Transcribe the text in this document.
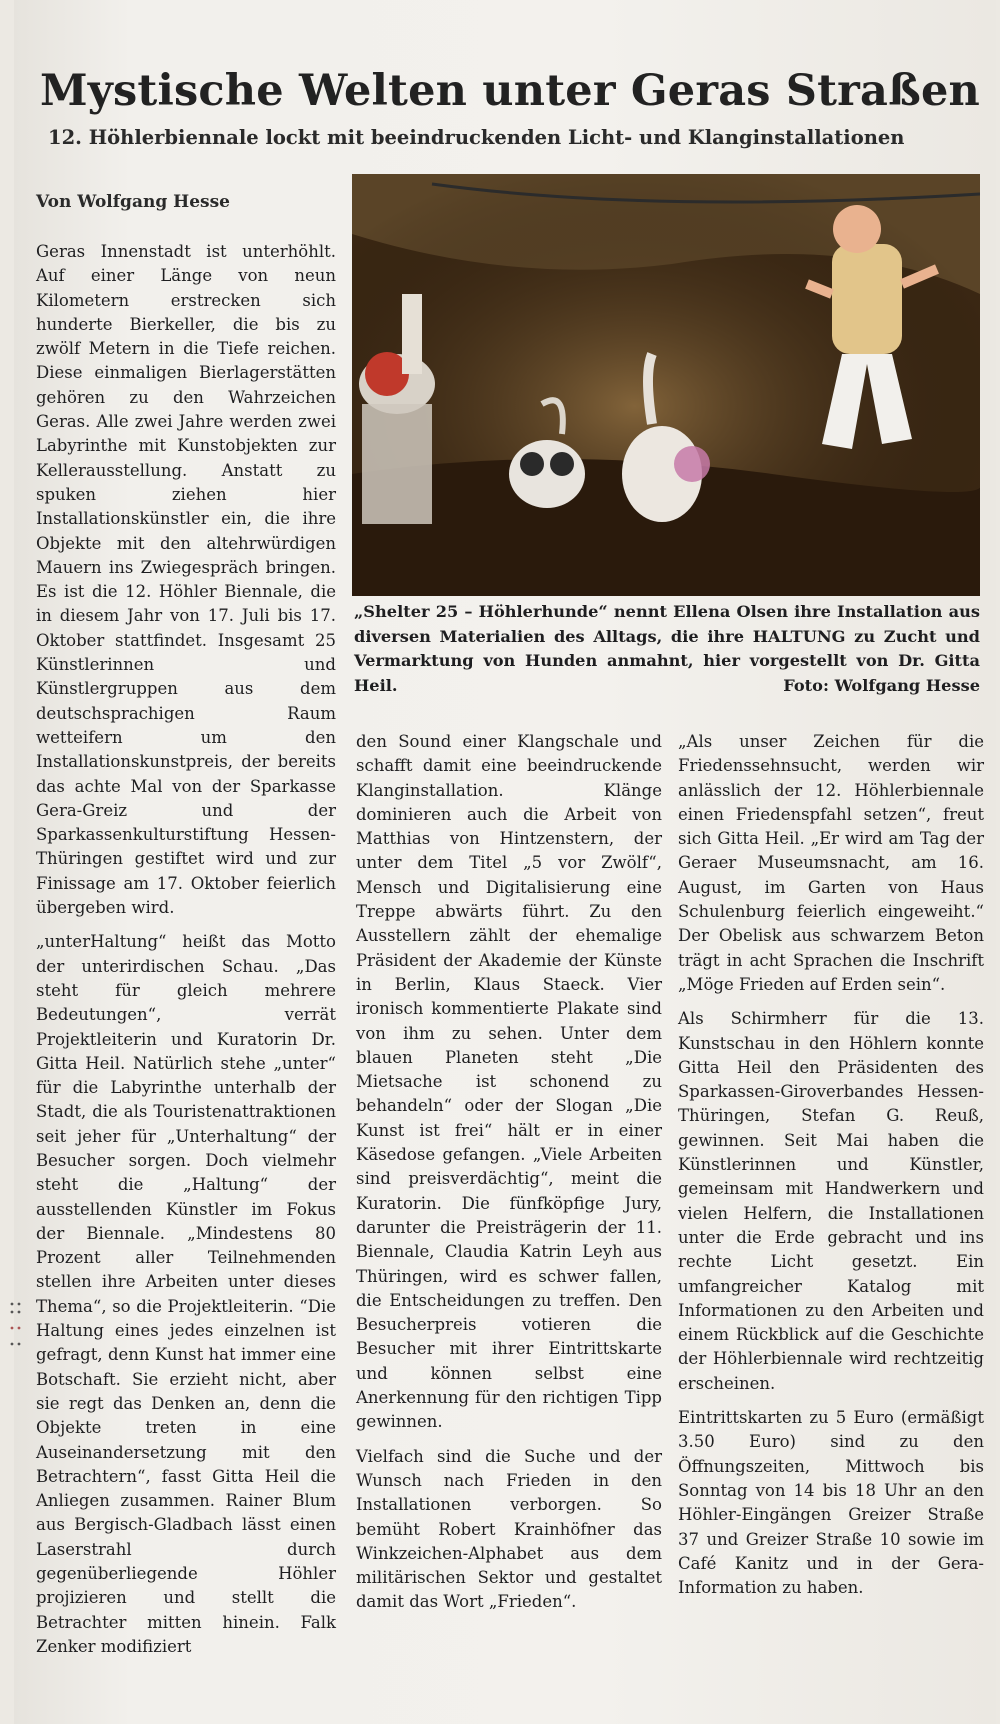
Mystische Welten unter Geras Straßen
12. Höhlerbiennale lockt mit beeindruckenden Licht- und Klanginstallationen
Von Wolfgang Hesse
„Shelter 25 – Höhlerhunde“ nennt Ellena Olsen ihre Installation aus diversen Materialien des Alltags, die ihre HALTUNG zu Zucht und Vermarktung von Hunden anmahnt, hier vorgestellt von Dr. Gitta Heil.	Foto: Wolfgang Hesse

Geras Innenstadt ist unterhöhlt. Auf einer Länge von neun Kilometern erstrecken sich hunderte Bierkeller, die bis zu zwölf Metern in die Tiefe reichen. Diese einmaligen Bierlagerstätten gehören zu den Wahrzeichen Geras. Alle zwei Jahre werden zwei Labyrinthe mit Kunstobjekten zur Kellerausstellung. Anstatt zu spuken ziehen hier Installationskünstler ein, die ihre Objekte mit den altehrwürdigen Mauern ins Zwiegespräch bringen. Es ist die 12. Höhler Biennale, die in diesem Jahr von 17. Juli bis 17. Oktober stattfindet. Insgesamt 25 Künstlerinnen und Künstlergruppen aus dem deutschsprachigen Raum wetteifern um den Installationskunstpreis, der bereits das achte Mal von der Sparkasse Gera-Greiz und der Sparkassenkulturstiftung Hessen-Thüringen gestiftet wird und zur Finissage am 17. Oktober feierlich übergeben wird.

„unterHaltung“ heißt das Motto der unterirdischen Schau. „Das steht für gleich mehrere Bedeutungen“, verrät Projektleiterin und Kuratorin Dr. Gitta Heil. Natürlich stehe „unter“ für die Labyrinthe unterhalb der Stadt, die als Touristenattraktionen seit jeher für „Unterhaltung“ der Besucher sorgen. Doch vielmehr steht die „Haltung“ der ausstellenden Künstler im Fokus der Biennale. „Mindestens 80 Prozent aller Teilnehmenden stellen ihre Arbeiten unter dieses Thema“, so die Projektleiterin. “Die Haltung eines jedes einzelnen ist gefragt, denn Kunst hat immer eine Botschaft. Sie erzieht nicht, aber sie regt das Denken an, denn die Objekte treten in eine Auseinandersetzung mit den Betrachtern“, fasst Gitta Heil die Anliegen zusammen. Rainer Blum aus Bergisch-Gladbach lässt einen Laserstrahl durch gegenüberliegende Höhler projizieren und stellt die Betrachter mitten hinein. Falk Zenker modifiziert

den Sound einer Klangschale und schafft damit eine beeindruckende Klanginstallation. Klänge dominieren auch die Arbeit von Matthias von Hintzenstern, der unter dem Titel „5 vor Zwölf“, Mensch und Digitalisierung eine Treppe abwärts führt. Zu den Ausstellern zählt der ehemalige Präsident der Akademie der Künste in Berlin, Klaus Staeck. Vier ironisch kommentierte Plakate sind von ihm zu sehen. Unter dem blauen Planeten steht „Die Mietsache ist schonend zu behandeln“ oder der Slogan „Die Kunst ist frei“ hält er in einer Käsedose gefangen. „Viele Arbeiten sind preisverdächtig“, meint die Kuratorin. Die fünfköpfige Jury, darunter die Preisträgerin der 11. Biennale, Claudia Katrin Leyh aus Thüringen, wird es schwer fallen, die Entscheidungen zu treffen. Den Besucherpreis votieren die Besucher mit ihrer Eintrittskarte und können selbst eine Anerkennung für den richtigen Tipp gewinnen.

Vielfach sind die Suche und der Wunsch nach Frieden in den Installationen verborgen. So bemüht Robert Krainhöfner das Winkzeichen-Alphabet aus dem militärischen Sektor und gestaltet damit das Wort „Frieden“.

„Als unser Zeichen für die Friedenssehnsucht, werden wir anlässlich der 12. Höhlerbiennale einen Friedenspfahl setzen“, freut sich Gitta Heil. „Er wird am Tag der Geraer Museumsnacht, am 16. August, im Garten von Haus Schulenburg feierlich eingeweiht.“ Der Obelisk aus schwarzem Beton trägt in acht Sprachen die Inschrift „Möge Frieden auf Erden sein“.

Als Schirmherr für die 13. Kunstschau in den Höhlern konnte Gitta Heil den Präsidenten des Sparkassen-Giroverbandes Hessen-Thüringen, Stefan G. Reuß, gewinnen. Seit Mai haben die Künstlerinnen und Künstler, gemeinsam mit Handwerkern und vielen Helfern, die Installationen unter die Erde gebracht und ins rechte Licht gesetzt. Ein umfangreicher Katalog mit Informationen zu den Arbeiten und einem Rückblick auf die Geschichte der Höhlerbiennale wird rechtzeitig erscheinen.

Eintrittskarten zu 5 Euro (ermäßigt 3.50 Euro) sind zu den Öffnungszeiten, Mittwoch bis Sonntag von 14 bis 18 Uhr an den Höhler-Eingängen Greizer Straße 37 und Greizer Straße 10 sowie im Café Kanitz und in der Gera-Information zu haben.
